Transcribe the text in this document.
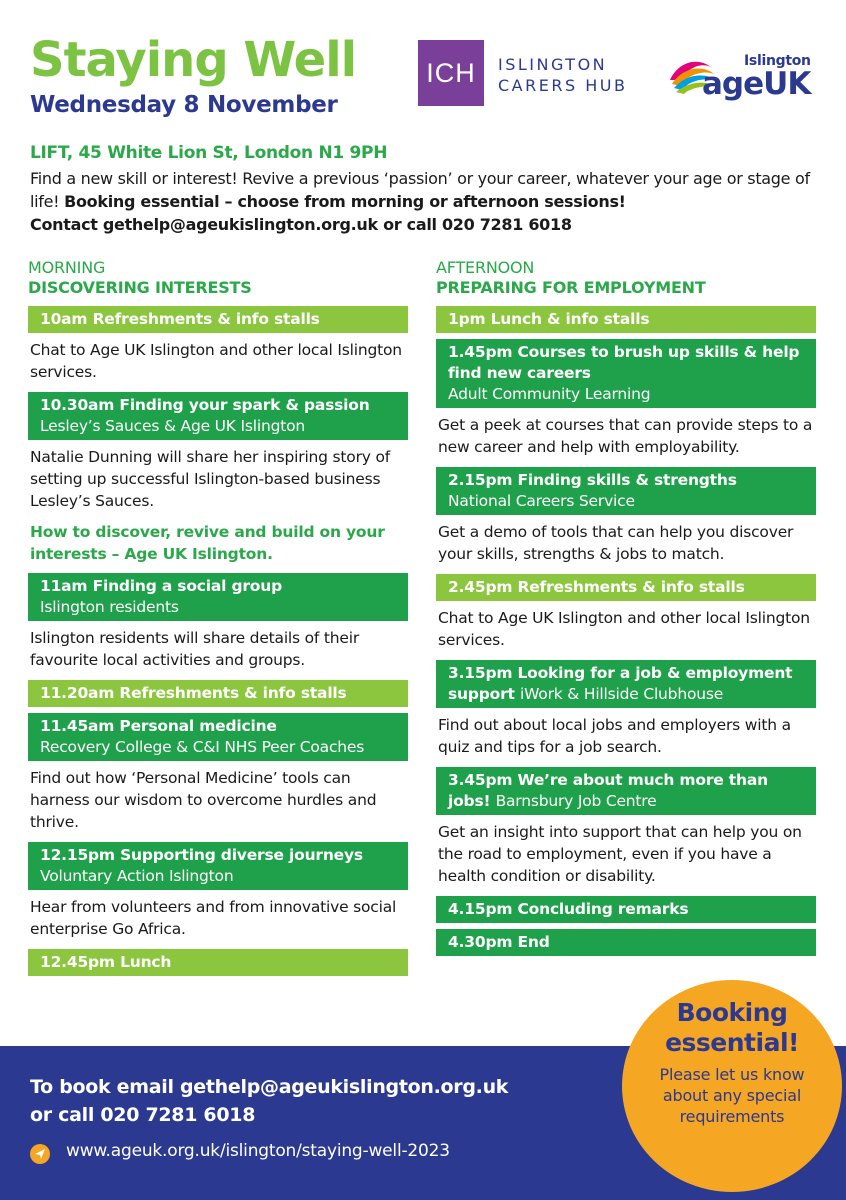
Staying Well
Wednesday 8 November
ICH	ISLINGTON
CARERS HUB
Islington
ageUK
LIFT, 45 White Lion St, London N1 9PH
Find a new skill or interest! Revive a previous ‘passion’ or your career, whatever your age or stage of life! Booking essential – choose from morning or afternoon sessions!
Contact gethelp@ageukislington.org.uk or call 020 7281 6018
MORNING
DISCOVERING INTERESTS
10am Refreshments & info stalls
Chat to Age UK Islington and other local Islington services.
10.30am Finding your spark & passion
Lesley’s Sauces & Age UK Islington
Natalie Dunning will share her inspiring story of setting up successful Islington-based business Lesley’s Sauces.
How to discover, revive and build on your interests – Age UK Islington.
11am Finding a social group
Islington residents
Islington residents will share details of their favourite local activities and groups.
11.20am Refreshments & info stalls
11.45am Personal medicine
Recovery College & C&I NHS Peer Coaches
Find out how ‘Personal Medicine’ tools can harness our wisdom to overcome hurdles and thrive.
12.15pm Supporting diverse journeys
Voluntary Action Islington
Hear from volunteers and from innovative social enterprise Go Africa.
12.45pm Lunch
AFTERNOON
PREPARING FOR EMPLOYMENT
1pm Lunch & info stalls
1.45pm Courses to brush up skills & help find new careers
Adult Community Learning
Get a peek at courses that can provide steps to a new career and help with employability.
2.15pm Finding skills & strengths
National Careers Service
Get a demo of tools that can help you discover your skills, strengths & jobs to match.
2.45pm Refreshments & info stalls
Chat to Age UK Islington and other local Islington services.
3.15pm Looking for a job & employment support iWork & Hillside Clubhouse
Find out about local jobs and employers with a quiz and tips for a job search.
3.45pm We’re about much more than jobs! Barnsbury Job Centre
Get an insight into support that can help you on the road to employment, even if you have a health condition or disability.
4.15pm Concluding remarks
4.30pm End
To book email gethelp@ageukislington.org.uk
or call 020 7281 6018
www.ageuk.org.uk/islington/staying-well-2023
Booking
essential!
Please let us know about any special requirements
